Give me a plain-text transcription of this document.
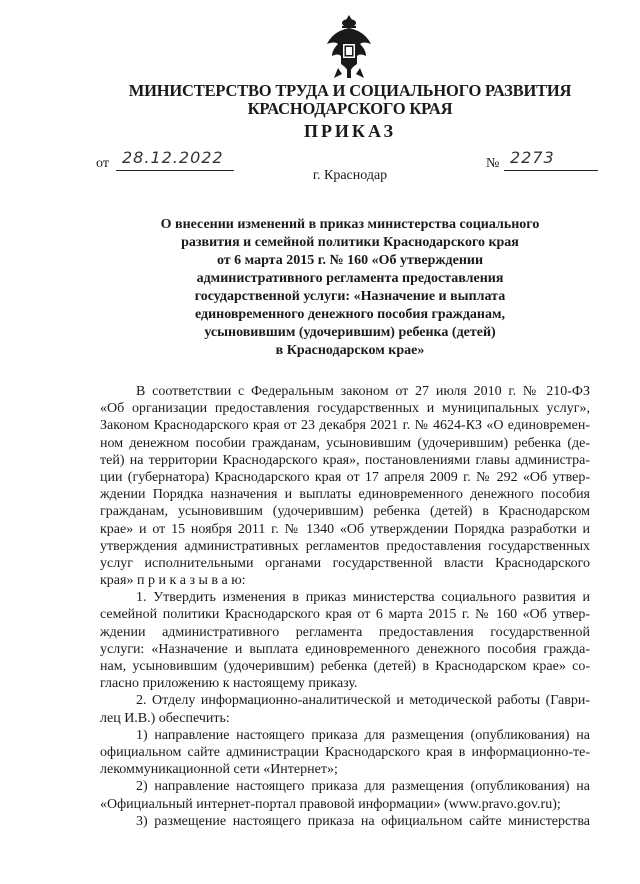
МИНИСТЕРСТВО ТРУДА И СОЦИАЛЬНОГО РАЗВИТИЯ
КРАСНОДАРСКОГО КРАЯ
ПРИКАЗ
от 28.12.2022	№ 2273
г. Краснодар
О внесении изменений в приказ министерства социального
развития и семейной политики Краснодарского края
от 6 марта 2015 г. № 160 «Об утверждении
административного регламента предоставления
государственной услуги: «Назначение и выплата
единовременного денежного пособия гражданам,
усыновившим (удочерившим) ребенка (детей)
в Краснодарском крае»
В соответствии с Федеральным законом от 27 июля 2010 г. № 210-ФЗ
«Об организации предоставления государственных и муниципальных услуг»,
Законом Краснодарского края от 23 декабря 2021 г. № 4624-КЗ «О единовремен-
ном денежном пособии гражданам, усыновившим (удочерившим) ребенка (де-
тей) на территории Краснодарского края», постановлениями главы администра-
ции (губернатора) Краснодарского края от 17 апреля 2009 г. № 292 «Об утвер-
ждении Порядка назначения и выплаты единовременного денежного пособия
гражданам, усыновившим (удочерившим) ребенка (детей) в Краснодарском
крае» и от 15 ноября 2011 г. № 1340 «Об утверждении Порядка разработки и
утверждения административных регламентов предоставления государственных
услуг исполнительными органами государственной власти Краснодарского
края» п р и к а з ы в а ю:
1. Утвердить изменения в приказ министерства социального развития и
семейной политики Краснодарского края от 6 марта 2015 г. № 160 «Об утвер-
ждении административного регламента предоставления государственной
услуги: «Назначение и выплата единовременного денежного пособия гражда-
нам, усыновившим (удочерившим) ребенка (детей) в Краснодарском крае» со-
гласно приложению к настоящему приказу.
2. Отделу информационно-аналитической и методической работы (Гаври-
лец И.В.) обеспечить:
1) направление настоящего приказа для размещения (опубликования) на
официальном сайте администрации Краснодарского края в информационно-те-
лекоммуникационной сети «Интернет»;
2) направление настоящего приказа для размещения (опубликования) на
«Официальный интернет-портал правовой информации» (www.pravo.gov.ru);
3) размещение настоящего приказа на официальном сайте министерства
